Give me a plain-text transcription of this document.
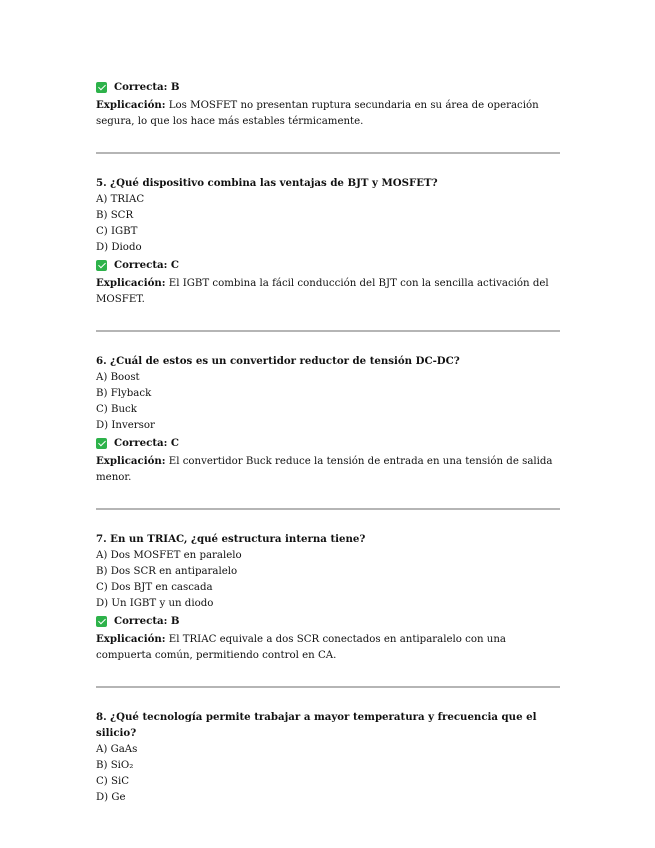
Correcta: B

Explicación: Los MOSFET no presentan ruptura secundaria en su área de operación segura, lo que los hace más estables térmicamente.

5. ¿Qué dispositivo combina las ventajas de BJT y MOSFET?

A) TRIAC
B) SCR
C) IGBT
D) Diodo
Correcta: C

Explicación: El IGBT combina la fácil conducción del BJT con la sencilla activación del MOSFET.

6. ¿Cuál de estos es un convertidor reductor de tensión DC-DC?

A) Boost
B) Flyback
C) Buck
D) Inversor
Correcta: C

Explicación: El convertidor Buck reduce la tensión de entrada en una tensión de salida menor.

7. En un TRIAC, ¿qué estructura interna tiene?

A) Dos MOSFET en paralelo
B) Dos SCR en antiparalelo
C) Dos BJT en cascada
D) Un IGBT y un diodo
Correcta: B

Explicación: El TRIAC equivale a dos SCR conectados en antiparalelo con una compuerta común, permitiendo control en CA.

8. ¿Qué tecnología permite trabajar a mayor temperatura y frecuencia que el silicio?

A) GaAs
B) SiO₂
C) SiC
D) Ge
